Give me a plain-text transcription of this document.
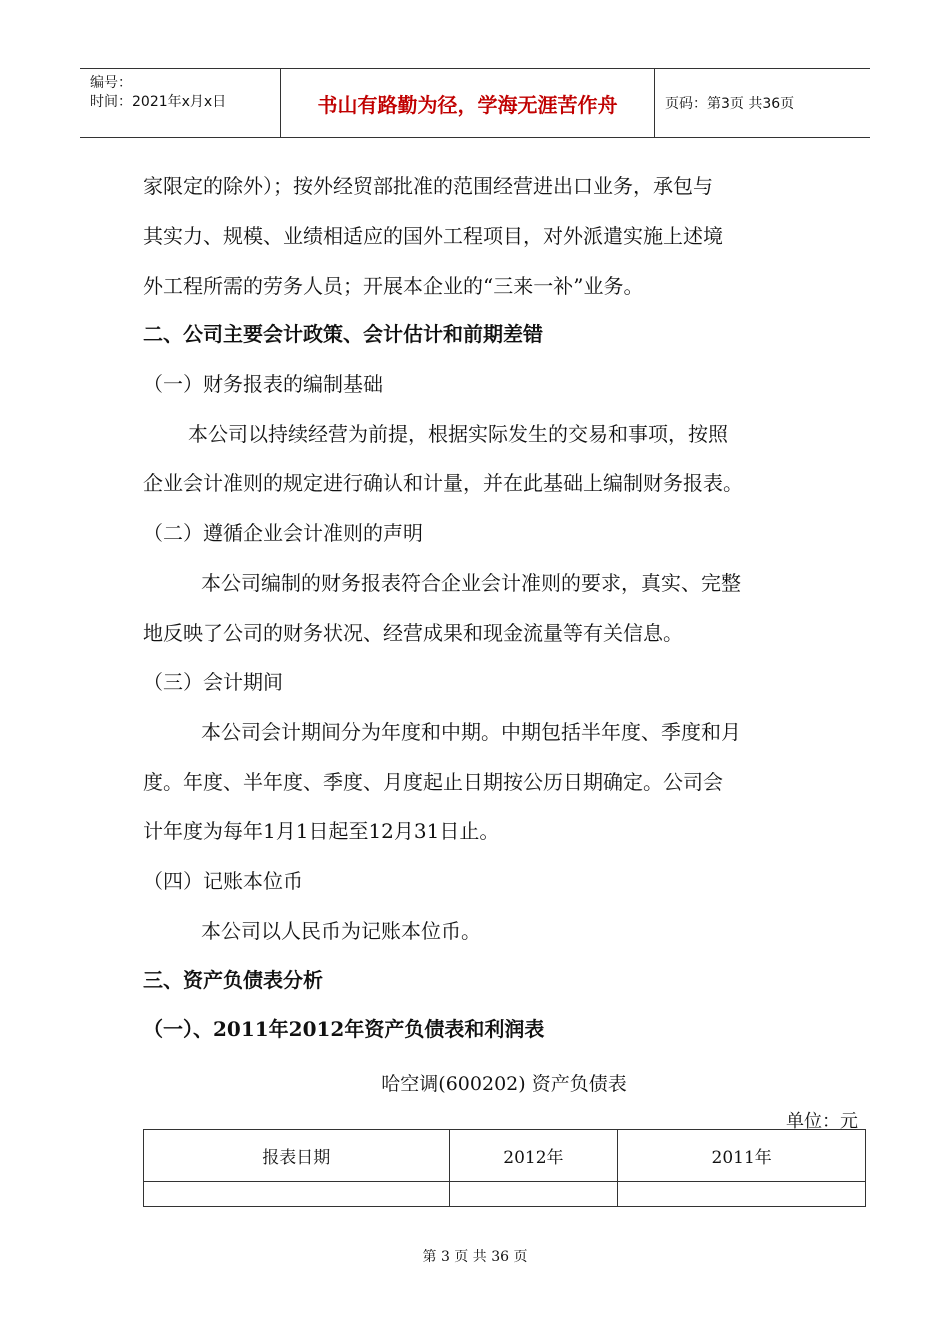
编号：
时间：2021年x月x日	书山有路勤为径，学海无涯苦作舟	页码：第3页 共36页
家限定的除外）；按外经贸部批准的范围经营进出口业务，承包与
其实力、规模、业绩相适应的国外工程项目，对外派遣实施上述境
外工程所需的劳务人员；开展本企业的“三来一补”业务。
二、公司主要会计政策、会计估计和前期差错
（一）财务报表的编制基础
本公司以持续经营为前提，根据实际发生的交易和事项，按照
企业会计准则的规定进行确认和计量，并在此基础上编制财务报表。
（二）遵循企业会计准则的声明
本公司编制的财务报表符合企业会计准则的要求，真实、完整
地反映了公司的财务状况、经营成果和现金流量等有关信息。
（三）会计期间
本公司会计期间分为年度和中期。中期包括半年度、季度和月
度。年度、半年度、季度、月度起止日期按公历日期确定。公司会
计年度为每年1月1日起至12月31日止。
（四）记账本位币
本公司以人民币为记账本位币。
三、资产负债表分析
（一）、2011年2012年资产负债表和利润表
哈空调(600202) 资产负债表
单位：元
报表日期	2012年	2011年

第 3 页 共 36 页
